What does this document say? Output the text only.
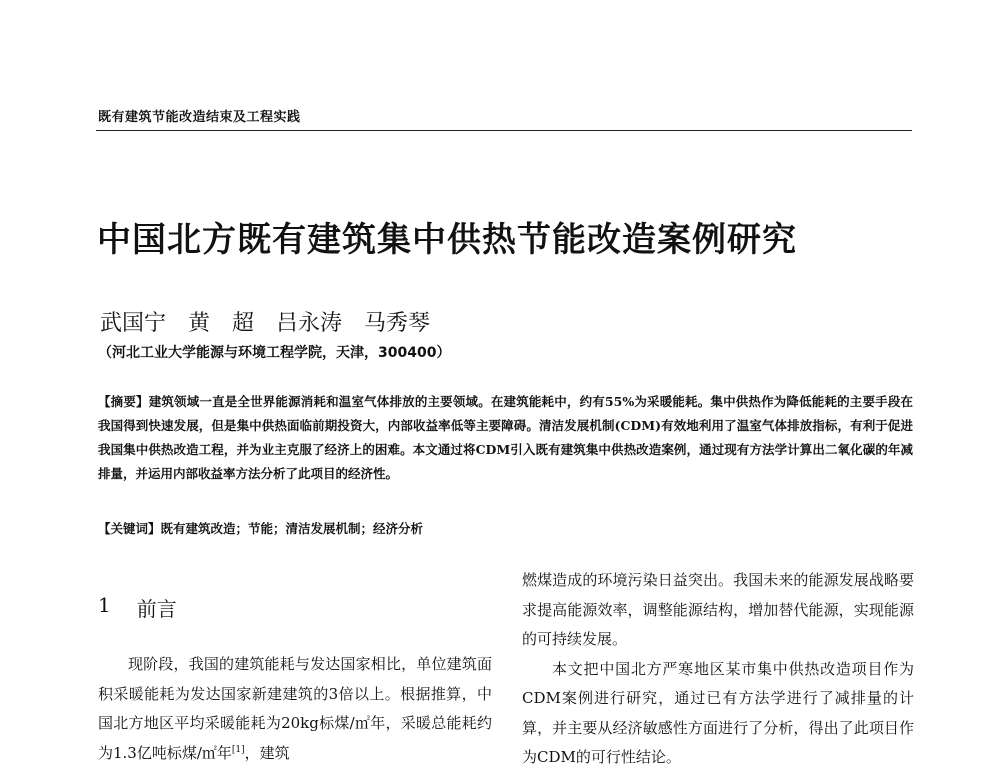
既有建筑节能改造结束及工程实践
中国北方既有建筑集中供热节能改造案例研究
武国宁 黄　超 吕永涛 马秀琴
（河北工业大学能源与环境工程学院，天津，300400）
【摘要】建筑领域一直是全世界能源消耗和温室气体排放的主要领域。在建筑能耗中，约有55%为采暖能耗。集中供热作为降低能耗的主要手段在我国得到快速发展，但是集中供热面临前期投资大，内部收益率低等主要障碍。清洁发展机制(CDM)有效地利用了温室气体排放指标，有利于促进我国集中供热改造工程，并为业主克服了经济上的困难。本文通过将CDM引入既有建筑集中供热改造案例，通过现有方法学计算出二氧化碳的年减排量，并运用内部收益率方法分析了此项目的经济性。
【关键词】既有建筑改造；节能；清洁发展机制；经济分析
1 前言

现阶段，我国的建筑能耗与发达国家相比，单位建筑面积采暖能耗为发达国家新建建筑的3倍以上。根据推算，中国北方地区平均采暖能耗为20kg标煤/㎡年，采暖总能耗约为1.3亿吨标煤/㎡年[1]，建筑

燃煤造成的环境污染日益突出。我国未来的能源发展战略要求提高能源效率，调整能源结构，增加替代能源，实现能源的可持续发展。

本文把中国北方严寒地区某市集中供热改造项目作为CDM案例进行研究，通过已有方法学进行了减排量的计算，并主要从经济敏感性方面进行了分析，得出了此项目作为CDM的可行性结论。
